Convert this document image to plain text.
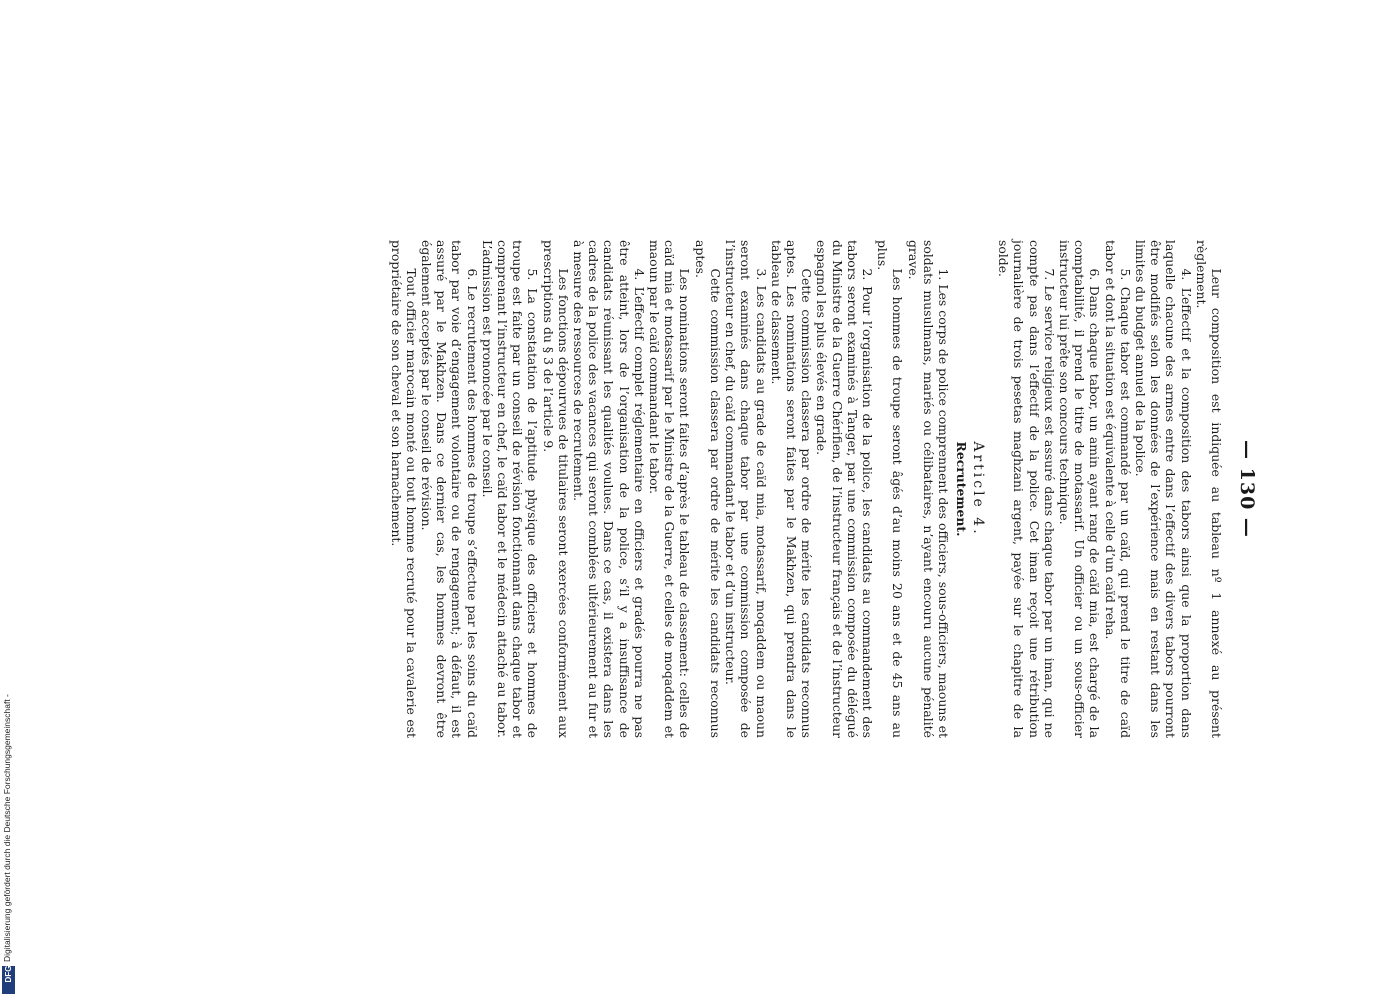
— 130 —

Leur composition est indiquée au tableau nº 1 annexé au présent règlement.

4. L’effectif et la composition des tabors ainsi que la proportion dans laquelle chacune des armes entre dans l’effectif des divers tabors pourront être modifiés selon les données de l’expérience mais en restant dans les limites du budget annuel de la police.

5. Chaque tabor est commandé par un caïd, qui prend le titre de caïd tabor et dont la situation est équivalente à celle d’un caïd reha.

6. Dans chaque tabor, un amin ayant rang de caïd mia, est chargé de la comptabilité, il prend le titre de motassarif. Un officier ou un sous-officier instructeur lui prête son concours technique.

7. Le service religieux est assuré dans chaque tabor par un iman, qui ne compte pas dans l’effectif de la police. Cet iman reçoit une rétribution journalière de trois pesetas maghzani argent, payée sur le chapitre de la solde.

Article 4.
Recrutement.

1. Les corps de police comprennent des officiers, sous-officiers, maouns et soldats musulmans, mariés ou célibataires, n’ayant encouru aucune pénalité grave.

Les hommes de troupe seront âgés d’au moins 20 ans et de 45 ans au plus.

2. Pour l’organisation de la police, les candidats au commandement des tabors seront examinés à Tanger, par une commission composée du délégué du Ministre de la Guerre Chérifien, de l’instructeur français et de l’instructeur espagnol les plus élevés en grade.

Cette commission classera par ordre de mérite les candidats reconnus aptes. Les nominations seront faites par le Makhzen, qui prendra dans le tableau de classement.

3. Les candidats au grade de caïd mia, motassarif, moqaddem ou maoun seront examinés dans chaque tabor par une commission composée de l’instructeur en chef, du caïd commandant le tabor et d’un instructeur.

Cette commission classera par ordre de mérite les candidats reconnus aptes.

Les nominations seront faites d’après le tableau de classement: celles de caïd mia et motassarif par le Ministre de la Guerre, et celles de moqaddem et maoun par le caïd commandant le tabor.

4. L’effectif complet réglementaire en officiers et gradés pourra ne pas être atteint, lors de l’organisation de la police, s’il y a insuffisance de candidats réunissant les qualités voulues. Dans ce cas, il existera dans les cadres de la police des vacances qui seront comblées ultérieurement au fur et à mesure des ressources de recrutement.

Les fonctions dépourvues de titulaires seront exercées conformément aux prescriptions du § 3 de l’article 9.

5. La constatation de l’aptitude physique des officiers et hommes de troupe est faite par un conseil de révision fonctionnant dans chaque tabor et comprenant l’instructeur en chef, le caïd tabor et le médecin attaché au tabor. L’admission est prononcée par le conseil.

6. Le recrutement des hommes de troupe s’effectue par les soins du caïd tabor par voie d’engagement volontaire ou de rengagement; à défaut, il est assuré par le Makhzen. Dans ce dernier cas, les hommes devront être également acceptés par le conseil de révision.

Tout officier marocain monté ou tout homme recruté pour la cavalerie est propriétaire de son cheval et son harnachement.

Digitalisierung gefördert durch die Deutsche Forschungsgemeinschaft -
DFG
